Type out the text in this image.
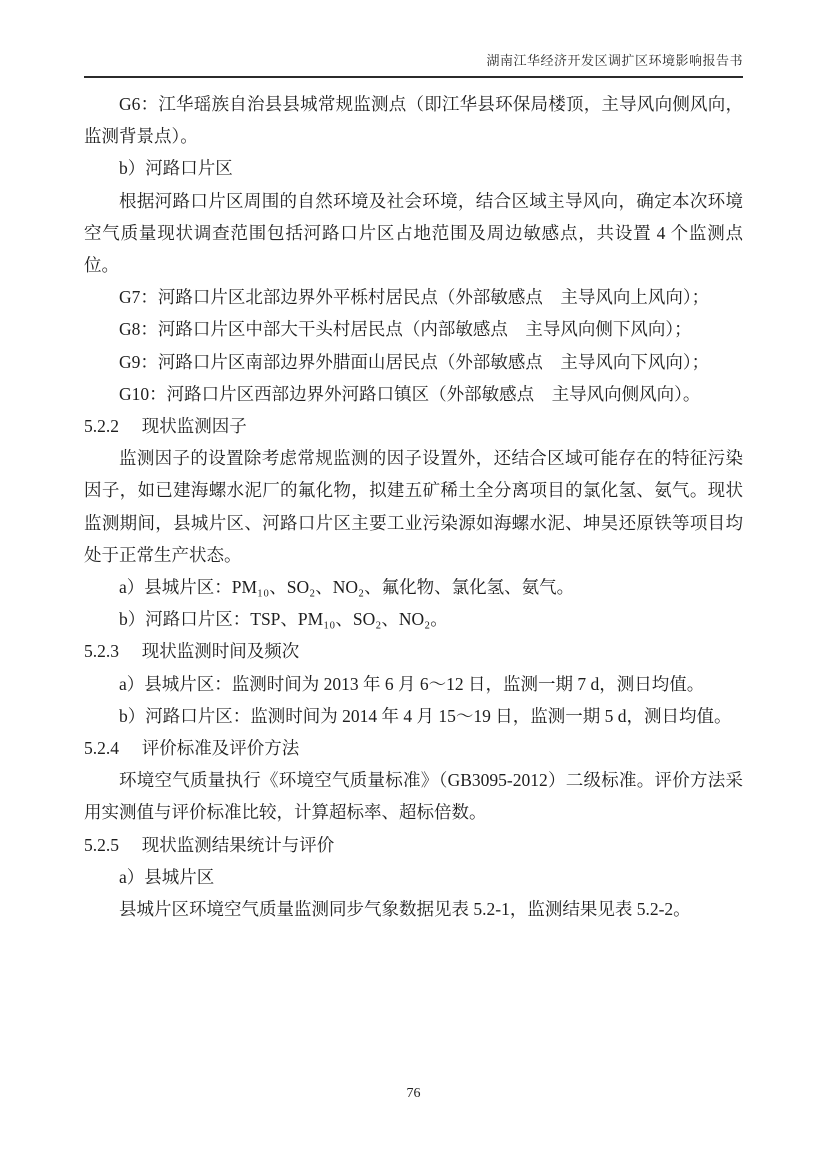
湖南江华经济开发区调扩区环境影响报告书

G6：江华瑶族自治县县城常规监测点（即江华县环保局楼顶，主导风向侧风向，监测背景点）。

b）河路口片区

根据河路口片区周围的自然环境及社会环境，结合区域主导风向，确定本次环境空气质量现状调查范围包括河路口片区占地范围及周边敏感点，共设置 4 个监测点位。

G7：河路口片区北部边界外平栎村居民点（外部敏感点　主导风向上风向）；

G8：河路口片区中部大干头村居民点（内部敏感点　主导风向侧下风向）；

G9：河路口片区南部边界外腊面山居民点（外部敏感点　主导风向下风向）；

G10：河路口片区西部边界外河路口镇区（外部敏感点　主导风向侧风向）。

5.2.2 现状监测因子

监测因子的设置除考虑常规监测的因子设置外，还结合区域可能存在的特征污染因子，如已建海螺水泥厂的氟化物，拟建五矿稀土全分离项目的氯化氢、氨气。现状监测期间，县城片区、河路口片区主要工业污染源如海螺水泥、坤昊还原铁等项目均处于正常生产状态。

a）县城片区：PM₁₀、SO₂、NO₂、氟化物、氯化氢、氨气。

b）河路口片区：TSP、PM₁₀、SO₂、NO₂。

5.2.3 现状监测时间及频次

a）县城片区：监测时间为 2013 年 6 月 6～12 日，监测一期 7 d，测日均值。

b）河路口片区：监测时间为 2014 年 4 月 15～19 日，监测一期 5 d，测日均值。

5.2.4 评价标准及评价方法

环境空气质量执行《环境空气质量标准》（GB3095-2012）二级标准。评价方法采用实测值与评价标准比较，计算超标率、超标倍数。

5.2.5 现状监测结果统计与评价

a）县城片区

县城片区环境空气质量监测同步气象数据见表 5.2-1，监测结果见表 5.2-2。

76
